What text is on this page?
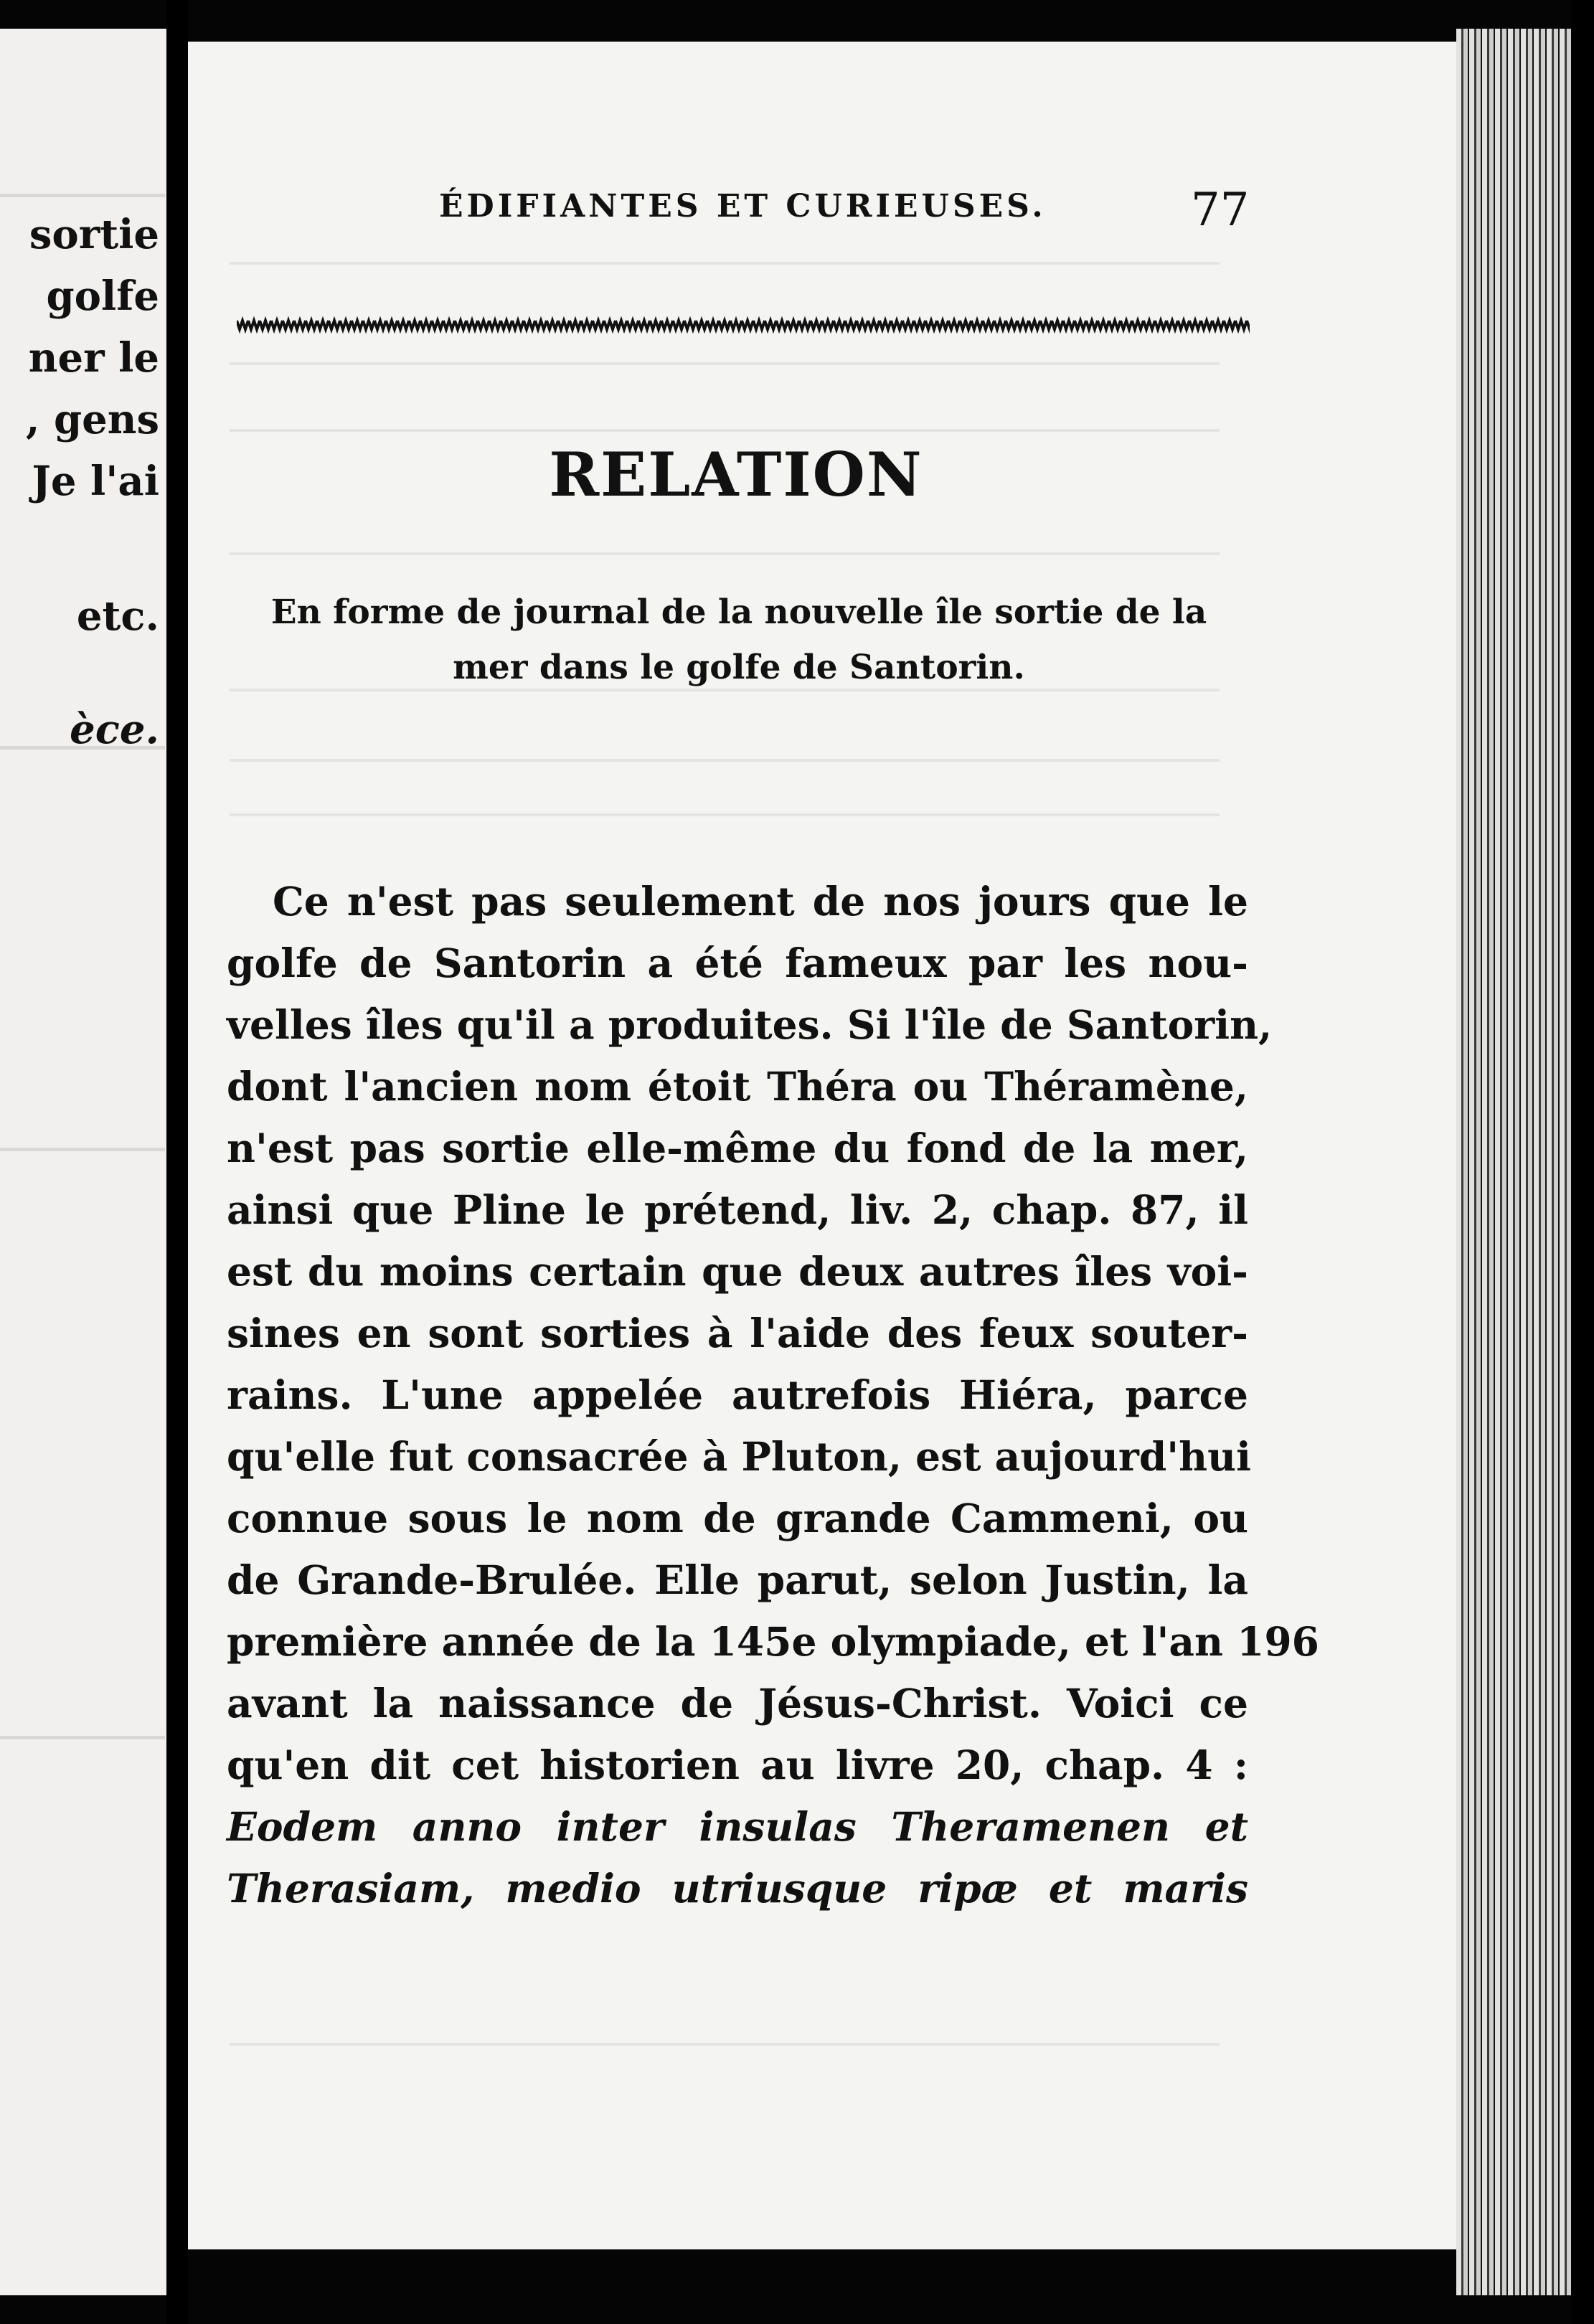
sortie
golfe
ner le
, gens
Je l'ai
etc.
èce.
ÉDIFIANTES ET CURIEUSES.	77
RELATION
En forme de journal de la nouvelle île sortie de la
mer dans le golfe de Santorin.
Ce n'est pas seulement de nos jours que le
golfe de Santorin a été fameux par les nou-
velles îles qu'il a produites. Si l'île de Santorin,
dont l'ancien nom étoit Théra ou Théramène,
n'est pas sortie elle-même du fond de la mer,
ainsi que Pline le prétend, liv. 2, chap. 87, il
est du moins certain que deux autres îles voi-
sines en sont sorties à l'aide des feux souter-
rains. L'une appelée autrefois Hiéra, parce
qu'elle fut consacrée à Pluton, est aujourd'hui
connue sous le nom de grande Cammeni, ou
de Grande-Brulée. Elle parut, selon Justin, la
première année de la 145e olympiade, et l'an 196
avant la naissance de Jésus-Christ. Voici ce
qu'en dit cet historien au livre 20, chap. 4 :
Eodem anno inter insulas Theramenen et
Therasiam, medio utriusque ripæ et maris
